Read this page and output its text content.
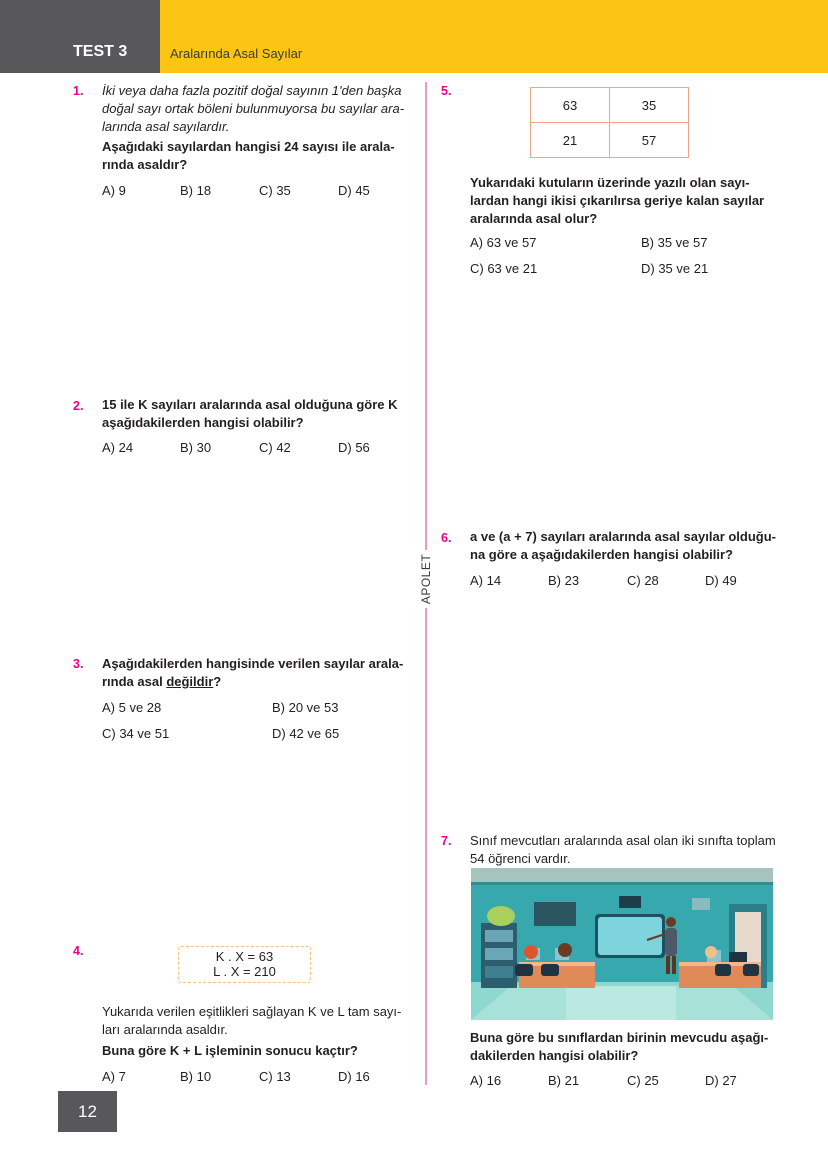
TEST 3	Aralarında Asal Sayılar
APOLET
1. İki veya daha fazla pozitif doğal sayının 1'den başka
doğal sayı ortak böleni bulunmuyorsa bu sayılar ara-
larında asal sayılardır.
Aşağıdaki sayılardan hangisi 24 sayısı ile arala-
rında asaldır?
A) 9	B) 18	C) 35	D) 45
2. 15 ile K sayıları aralarında asal olduğuna göre K
aşağıdakilerden hangisi olabilir?
A) 24	B) 30	C) 42	D) 56
3. Aşağıdakilerden hangisinde verilen sayılar arala-
rında asal değildir?
A) 5 ve 28	B) 20 ve 53
C) 34 ve 51	D) 42 ve 65
4.	K . X = 63
L . X = 210
Yukarıda verilen eşitlikleri sağlayan K ve L tam sayı-
ları aralarında asaldır.
Buna göre K + L işleminin sonucu kaçtır?
A) 7	B) 10	C) 13	D) 16
5.
63	35
21	57
Yukarıdaki kutuların üzerinde yazılı olan sayı-
lardan hangi ikisi çıkarılırsa geriye kalan sayılar
aralarında asal olur?
A) 63 ve 57	B) 35 ve 57
C) 63 ve 21	D) 35 ve 21
6. a ve (a + 7) sayıları aralarında asal sayılar olduğu-
na göre a aşağıdakilerden hangisi olabilir?
A) 14	B) 23	C) 28	D) 49
7. Sınıf mevcutları aralarında asal olan iki sınıfta toplam
54 öğrenci vardır.
Buna göre bu sınıflardan birinin mevcudu aşağı-
dakilerden hangisi olabilir?
A) 16	B) 21	C) 25	D) 27
12
